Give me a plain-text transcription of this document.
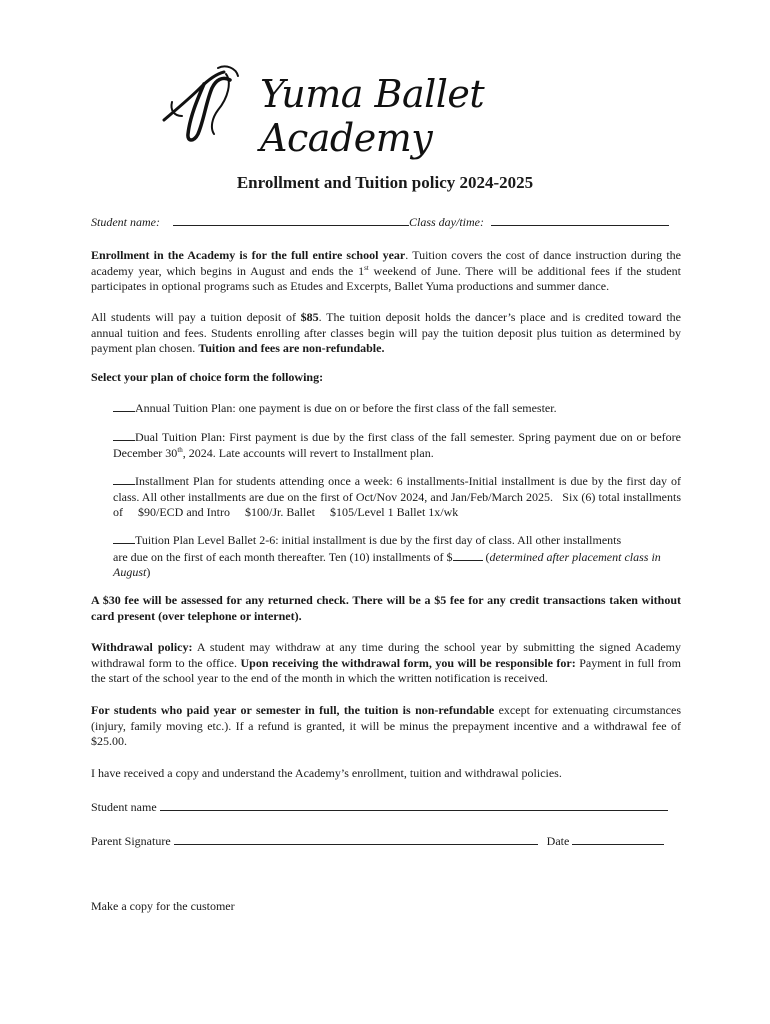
Yuma Ballet Academy
Enrollment and Tuition policy 2024-2025
Student name:	Class day/time:
Enrollment in the Academy is for the full entire school year. Tuition covers the cost of dance instruction during the academy year, which begins in August and ends the 1st weekend of June. There will be additional fees if the student participates in optional programs such as Etudes and Excerpts, Ballet Yuma productions and summer dance.
All students will pay a tuition deposit of $85. The tuition deposit holds the dancer’s place and is credited toward the annual tuition and fees. Students enrolling after classes begin will pay the tuition deposit plus tuition as determined by payment plan chosen. Tuition and fees are non-refundable.
Select your plan of choice form the following:
Annual Tuition Plan: one payment is due on or before the first class of the fall semester.
Dual Tuition Plan: First payment is due by the first class of the fall semester. Spring payment due on or before December 30th, 2024. Late accounts will revert to Installment plan.
Installment Plan for students attending once a week: 6 installments-Initial installment is due by the first day of class. All other installments are due on the first of Oct/Nov 2024, and Jan/Feb/March 2025.   Six (6) total installments of     $90/ECD and Intro     $100/Jr. Ballet     $105/Level 1 Ballet 1x/wk
Tuition Plan Level Ballet 2-6: initial installment is due by the first day of class. All other installments
are due on the first of each month thereafter. Ten (10) installments of $	(determined after placement class in August)
A $30 fee will be assessed for any returned check. There will be a $5 fee for any credit transactions taken without card present (over telephone or internet).
Withdrawal policy: A student may withdraw at any time during the school year by submitting the signed Academy withdrawal form to the office. Upon receiving the withdrawal form, you will be responsible for: Payment in full from the start of the school year to the end of the month in which the written notification is received.
For students who paid year or semester in full, the tuition is non-refundable except for extenuating circumstances (injury, family moving etc.). If a refund is granted, it will be minus the prepayment incentive and a withdrawal fee of $25.00.
I have received a copy and understand the Academy’s enrollment, tuition and withdrawal policies.
Student name
Parent Signature	Date
Make a copy for the customer
